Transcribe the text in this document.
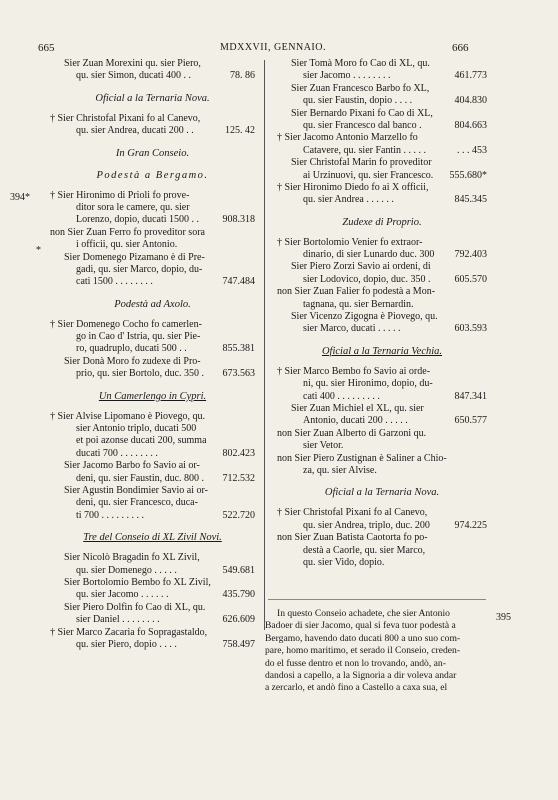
665	MDXXVII, GENNAIO.	666
394*
*
395
Sier Zuan Morexini qu. sier Piero,
qu. sier Simon, ducati 400 . .	78. 86
Oficial a la Ternaria Nova.
† Sier Christofal Pixani fo al Canevo,
qu. sier Andrea, ducati 200 . .	125. 42
In Gran Conseio.
Podestà a Bergamo.
† Sier Hironimo di Prioli fo prove-
ditor sora le camere, qu. sier
Lorenzo, dopio, ducati 1500 . . 908.318
non Sier Zuan Ferro fo proveditor sora
i officii, qu. sier Antonio.
Sier Domenego Pizamano è di Pre-
gadi, qu. sier Marco, dopio, du-
cati 1500 . . . . . . . .	747.484
Podestà ad Axolo.
† Sier Domenego Cocho fo camerlen-
go in Cao d' Istria, qu. sier Pie-
ro, quadruplo, ducati 500 . .	855.381
Sier Donà Moro fo zudexe di Pro-
prio, qu. sier Bortolo, duc. 350 . 673.563
Un Camerlengo in Cypri.
† Sier Alvise Lipomano è Piovego, qu.
sier Antonio triplo, ducati 500
et poi azonse ducati 200, summa
ducati 700 . . . . . . . .	802.423
Sier Jacomo Barbo fo Savio ai or-
deni, qu. sier Faustin, duc. 800 . 712.532
Sier Agustin Bondimier Savio ai or-
deni, qu. sier Francesco, duca-
ti 700 . . . . . . . . .	522.720
Tre del Conseio di XL Zivil Novi.
Sier Nicolò Bragadin fo XL Zivil,
qu. sier Domenego . . . . .	549.681
Sier Bortolomio Bembo fo XL Zivil,
qu. sier Jacomo . . . . . .	435.790
Sier Piero Dolfin fo Cao di XL, qu.
sier Daniel . . . . . . . .	626.609
† Sier Marco Zacaria fo Sopragastaldo,
qu. sier Piero, dopio . . . .	758.497
Sier Tomà Moro fo Cao di XL, qu.
sier Jacomo . . . . . . . .	461.773
Sier Zuan Francesco Barbo fo XL,
qu. sier Faustin, dopio . . . .	404.830
Sier Bernardo Pixani fo Cao di XL,
qu. sier Francesco dal banco .	804.663
† Sier Jacomo Antonio Marzello fo
Catavere, qu. sier Fantin . . . . .	. . . 453
Sier Christofal Marin fo proveditor
ai Urzinuovi, qu. sier Francesco. 555.680*
† Sier Hironimo Diedo fo ai X officii,
qu. sier Andrea . . . . . .	845.345
Zudexe di Proprio.
† Sier Bortolomio Venier fo extraor-
dinario, di sier Lunardo duc. 300 792.403
Sier Piero Zorzi Savio ai ordeni, di
sier Lodovico, dopio, duc. 350 . 605.570
non Sier Zuan Falier fo podestà a Mon-
tagnana, qu. sier Bernardin.
Sier Vicenzo Zigogna è Piovego, qu.
sier Marco, ducati . . . . .	603.593
Oficial a la Ternaria Vechia.
† Sier Marco Bembo fo Savio ai orde-
ni, qu. sier Hironimo, dopio, du-
cati 400 . . . . . . . . .	847.341
Sier Zuan Michiel el XL, qu. sier
Antonio, ducati 200 . . . . .	650.577
non Sier Zuan Alberto di Garzoni qu.
sier Vetor.
non Sier Piero Zustignan è Saliner a Chio-
za, qu. sier Alvise.
Oficial a la Ternaria Nova.
† Sier Christofal Pixani fo al Canevo,
qu. sier Andrea, triplo, duc. 200 974.225
non Sier Zuan Batista Caotorta fo po-
destà a Caorle, qu. sier Marco,
qu. sier Vido, dopio.
In questo Conseio achadete, che sier Antonio
Badoer di sier Jacomo, qual si feva tuor podestà a
Bergamo, havendo dato ducati 800 a uno suo com-
pare, homo maritimo, et serado il Conseio, creden-
do el fusse dentro et non lo trovando, andò, an-
dandosi a capello, a la Signoria a dir voleva andar
a zercarlo, et andò fino a Castello a caxa sua, el
